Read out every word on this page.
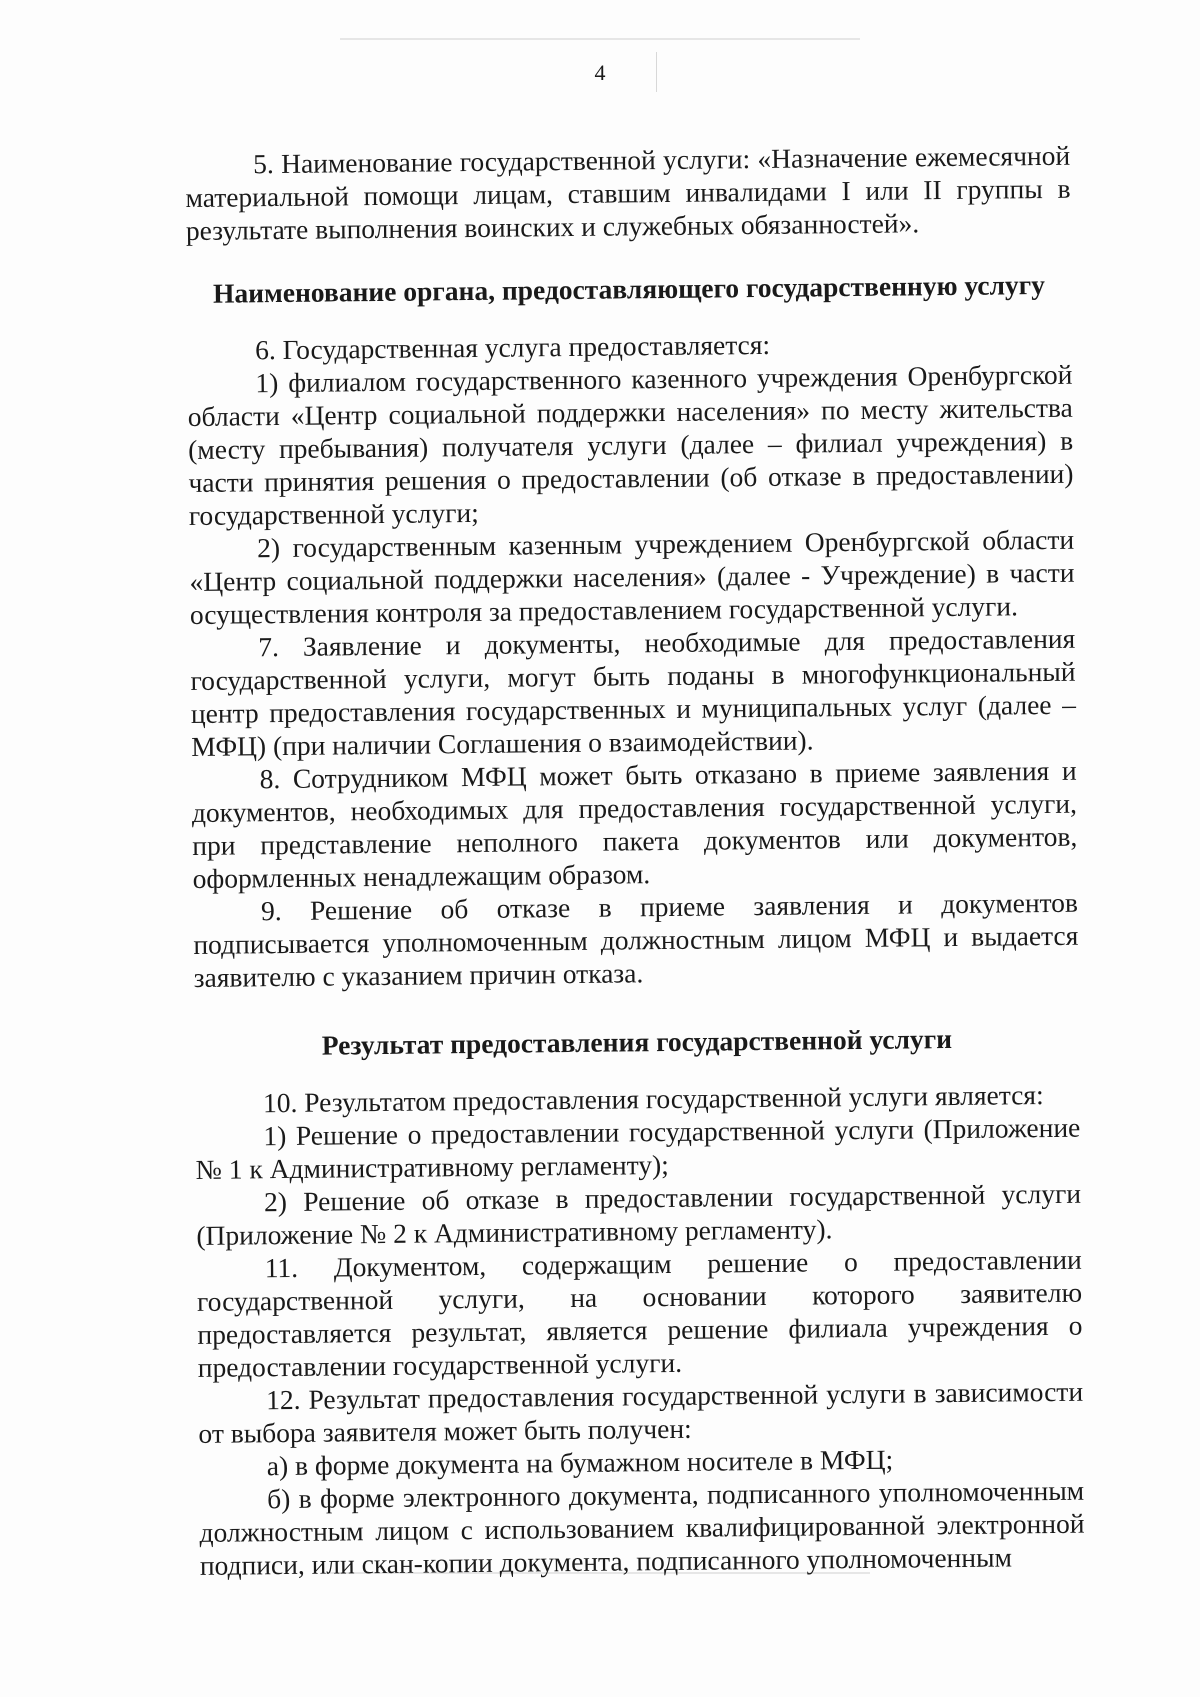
4

5. Наименование государственной услуги: «Назначение ежемесячной материальной помощи лицам, ставшим инвалидами I или II группы в результате выполнения воинских и служебных обязанностей».

Наименование органа, предоставляющего государственную услугу

6. Государственная услуга предоставляется:

1) филиалом государственного казенного учреждения Оренбургской области «Центр социальной поддержки населения» по месту жительства (месту пребывания) получателя услуги (далее – филиал учреждения) в части принятия решения о предоставлении (об отказе в предоставлении) государственной услуги;

2) государственным казенным учреждением Оренбургской области «Центр социальной поддержки населения» (далее - Учреждение) в части осуществления контроля за предоставлением государственной услуги.

7. Заявление и документы, необходимые для предоставления государственной услуги, могут быть поданы в многофункциональный центр предоставления государственных и муниципальных услуг (далее – МФЦ) (при наличии Соглашения о взаимодействии).

8. Сотрудником МФЦ может быть отказано в приеме заявления и документов, необходимых для предоставления государственной услуги, при представление неполного пакета документов или документов, оформленных ненадлежащим образом.

9. Решение об отказе в приеме заявления и документов подписывается уполномоченным должностным лицом МФЦ и выдается заявителю с указанием причин отказа.

Результат предоставления государственной услуги

10. Результатом предоставления государственной услуги является:

1) Решение о предоставлении государственной услуги (Приложение № 1 к Административному регламенту);

2) Решение об отказе в предоставлении государственной услуги (Приложение № 2 к Административному регламенту).

11. Документом, содержащим решение о предоставлении государственной услуги, на основании которого заявителю предоставляется результат, является решение филиала учреждения о предоставлении государственной услуги.

12. Результат предоставления государственной услуги в зависимости от выбора заявителя может быть получен:

а) в форме документа на бумажном носителе в МФЦ;

б) в форме электронного документа, подписанного уполномоченным должностным лицом с использованием квалифицированной электронной подписи, или скан-копии документа, подписанного уполномоченным
